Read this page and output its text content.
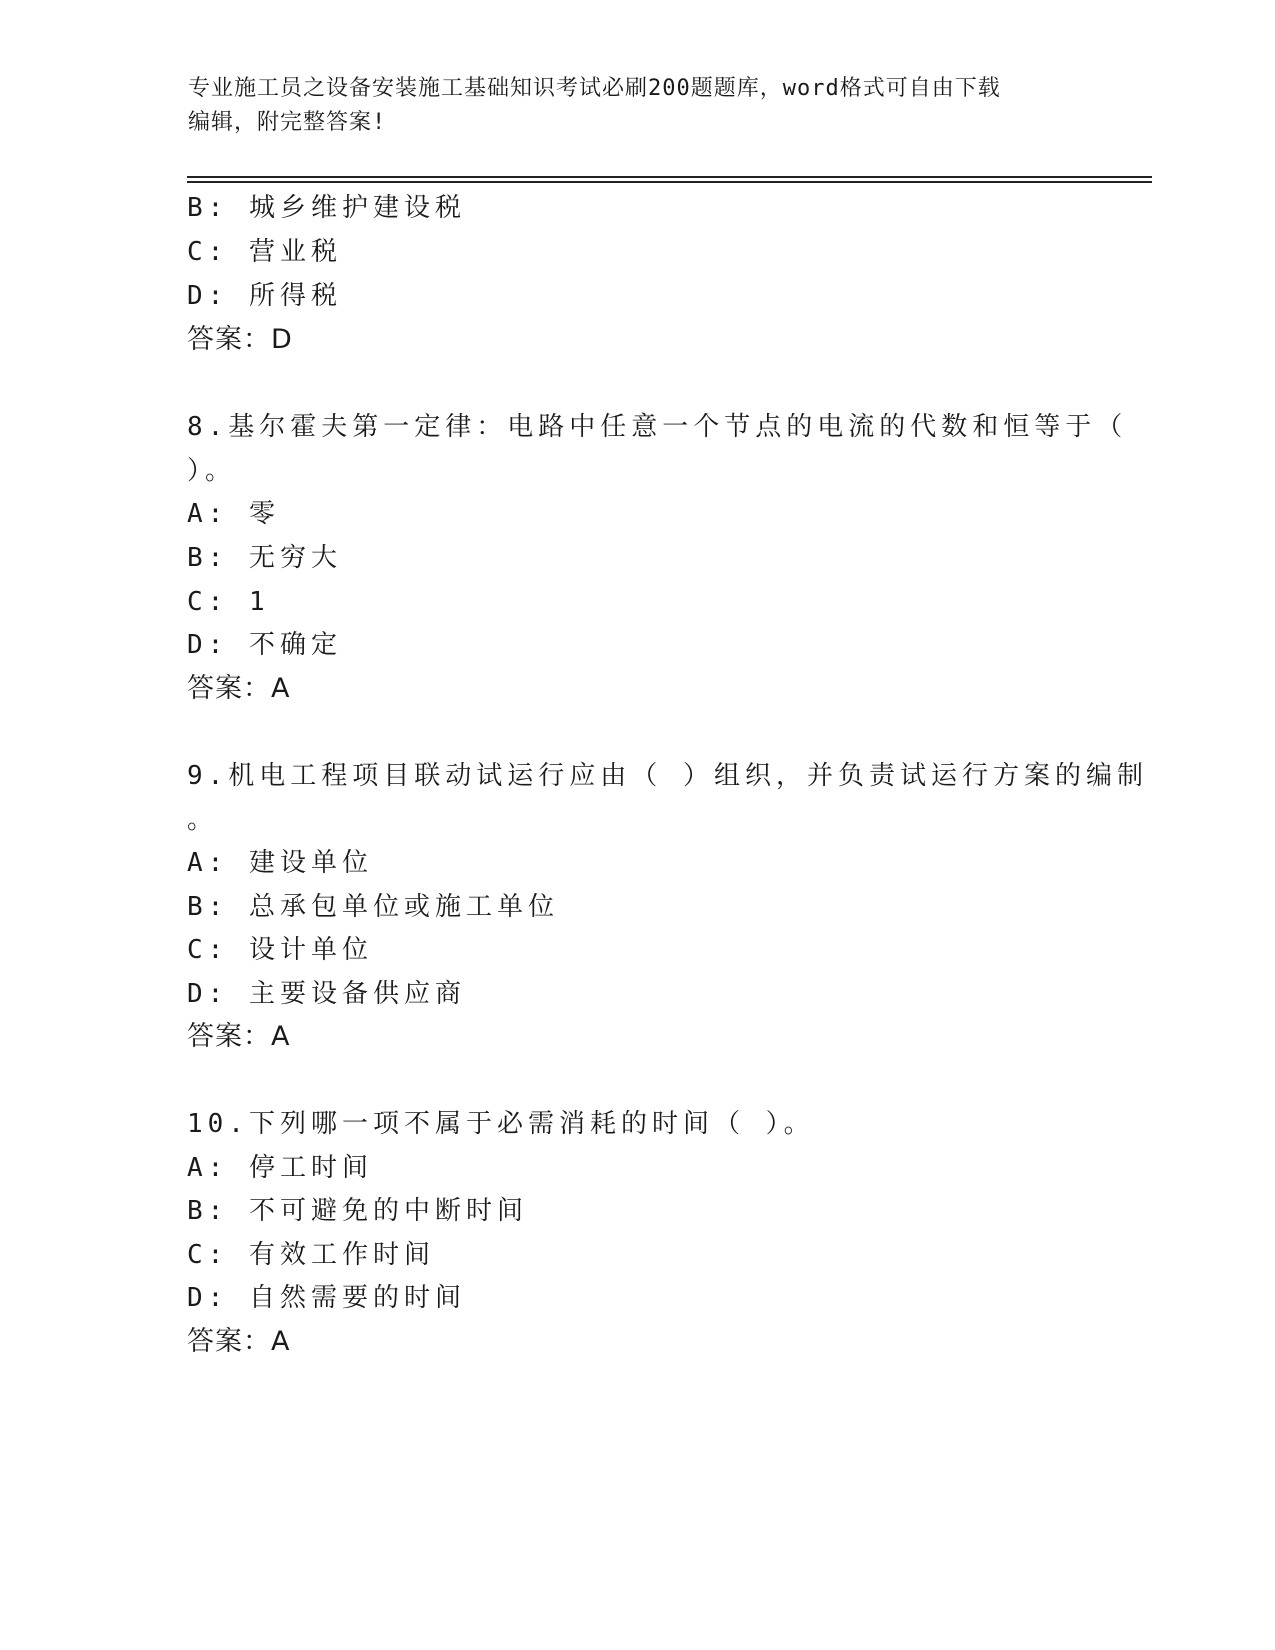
专业施工员之设备安装施工基础知识考试必刷200题题库，word格式可自由下载
编辑，附完整答案!
B: 城乡维护建设税
C: 营业税
D: 所得税
答案：D
8.基尔霍夫第一定律：电路中任意一个节点的电流的代数和恒等于（
）。
A: 零
B: 无穷大
C: 1
D: 不确定
答案：A
9.机电工程项目联动试运行应由（ ）组织，并负责试运行方案的编制
。
A: 建设单位
B: 总承包单位或施工单位
C: 设计单位
D: 主要设备供应商
答案：A
10.下列哪一项不属于必需消耗的时间（ ）。
A: 停工时间
B: 不可避免的中断时间
C: 有效工作时间
D: 自然需要的时间
答案：A
